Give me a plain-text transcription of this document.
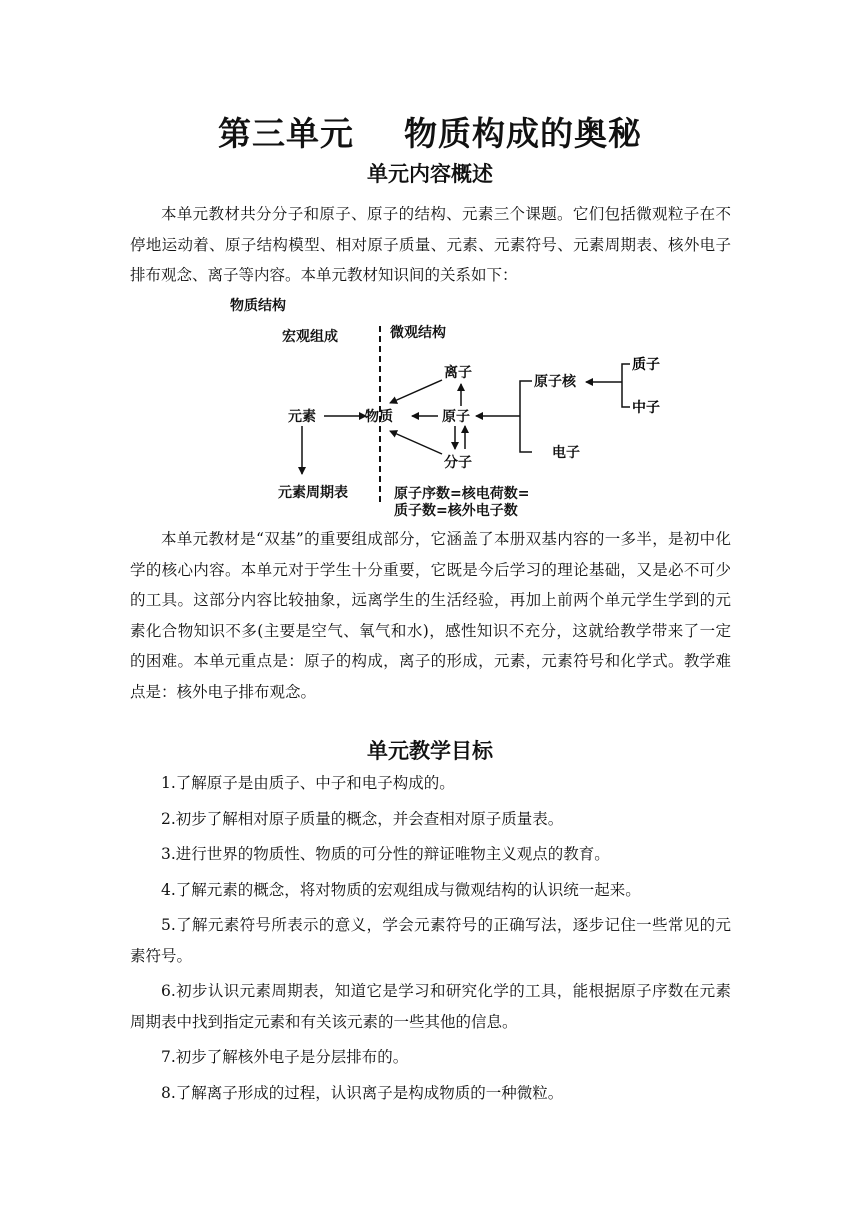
第三单元    物质构成的奥秘
单元内容概述

本单元教材共分分子和原子、原子的结构、元素三个课题。它们包括微观粒子在不停地运动着、原子结构模型、相对原子质量、元素、元素符号、元素周期表、核外电子排布观念、离子等内容。本单元教材知识间的关系如下：

物质结构
宏观组成	微观结构
元素	物质
元素周期表
离子
原子
分子
原子核
电子
原子序数=核电荷数=
质子数=核外电子数
质子
中子

本单元教材是“双基”的重要组成部分，它涵盖了本册双基内容的一多半，是初中化学的核心内容。本单元对于学生十分重要，它既是今后学习的理论基础，又是必不可少的工具。这部分内容比较抽象，远离学生的生活经验，再加上前两个单元学生学到的元素化合物知识不多(主要是空气、氧气和水)，感性知识不充分，这就给教学带来了一定的困难。本单元重点是：原子的构成，离子的形成，元素，元素符号和化学式。教学难点是：核外电子排布观念。

单元教学目标
1.了解原子是由质子、中子和电子构成的。
2.初步了解相对原子质量的概念，并会查相对原子质量表。
3.进行世界的物质性、物质的可分性的辩证唯物主义观点的教育。
4.了解元素的概念，将对物质的宏观组成与微观结构的认识统一起来。
5.了解元素符号所表示的意义，学会元素符号的正确写法，逐步记住一些常见的元素符号。
6.初步认识元素周期表，知道它是学习和研究化学的工具，能根据原子序数在元素周期表中找到指定元素和有关该元素的一些其他的信息。
7.初步了解核外电子是分层排布的。
8.了解离子形成的过程，认识离子是构成物质的一种微粒。
